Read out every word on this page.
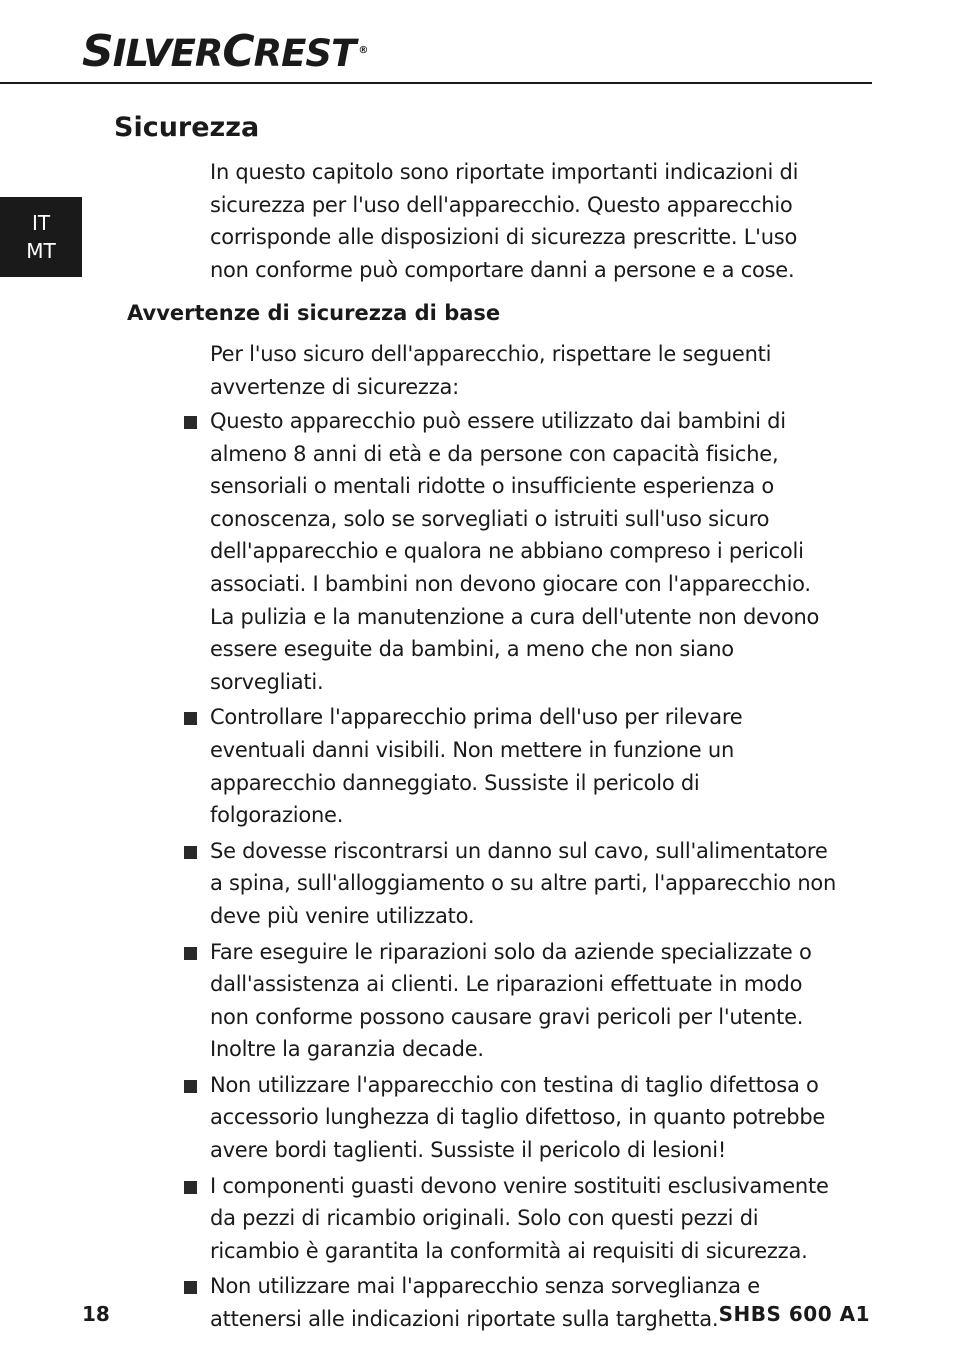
SILVERCREST ®
IT
MT
Sicurezza

In questo capitolo sono riportate importanti indicazioni di sicurezza per l'uso dell'apparecchio. Questo apparecchio corrisponde alle disposizioni di sicurezza prescritte. L'uso non conforme può comportare danni a persone e a cose.

Avvertenze di sicurezza di base

Per l'uso sicuro dell'apparecchio, rispettare le seguenti avvertenze di sicurezza:

Questo apparecchio può essere utilizzato dai bambini di almeno 8 anni di età e da persone con capacità fisiche, sensoriali o mentali ridotte o insufficiente esperienza o conoscenza, solo se sorvegliati o istruiti sull'uso sicuro dell'apparecchio e qualora ne abbiano compreso i pericoli associati. I bambini non devono giocare con l'apparecchio. La pulizia e la manutenzione a cura dell'utente non devono essere eseguite da bambini, a meno che non siano sorvegliati.
Controllare l'apparecchio prima dell'uso per rilevare eventuali danni visibili. Non mettere in funzione un apparecchio danneggiato. Sussiste il pericolo di folgorazione.
Se dovesse riscontrarsi un danno sul cavo, sull'alimentatore a spina, sull'alloggiamento o su altre parti, l'apparecchio non deve più venire utilizzato.
Fare eseguire le riparazioni solo da aziende specializzate o dall'assistenza ai clienti. Le riparazioni effettuate in modo non conforme possono causare gravi pericoli per l'utente. Inoltre la garanzia decade.
Non utilizzare l'apparecchio con testina di taglio difettosa o accessorio lunghezza di taglio difettoso, in quanto potrebbe avere bordi taglienti. Sussiste il pericolo di lesioni!
I componenti guasti devono venire sostituiti esclusivamente da pezzi di ricambio originali. Solo con questi pezzi di ricambio è garantita la conformità ai requisiti di sicurezza.
Non utilizzare mai l'apparecchio senza sorveglianza e attenersi alle indicazioni riportate sulla targhetta.
18	SHBS 600 A1
